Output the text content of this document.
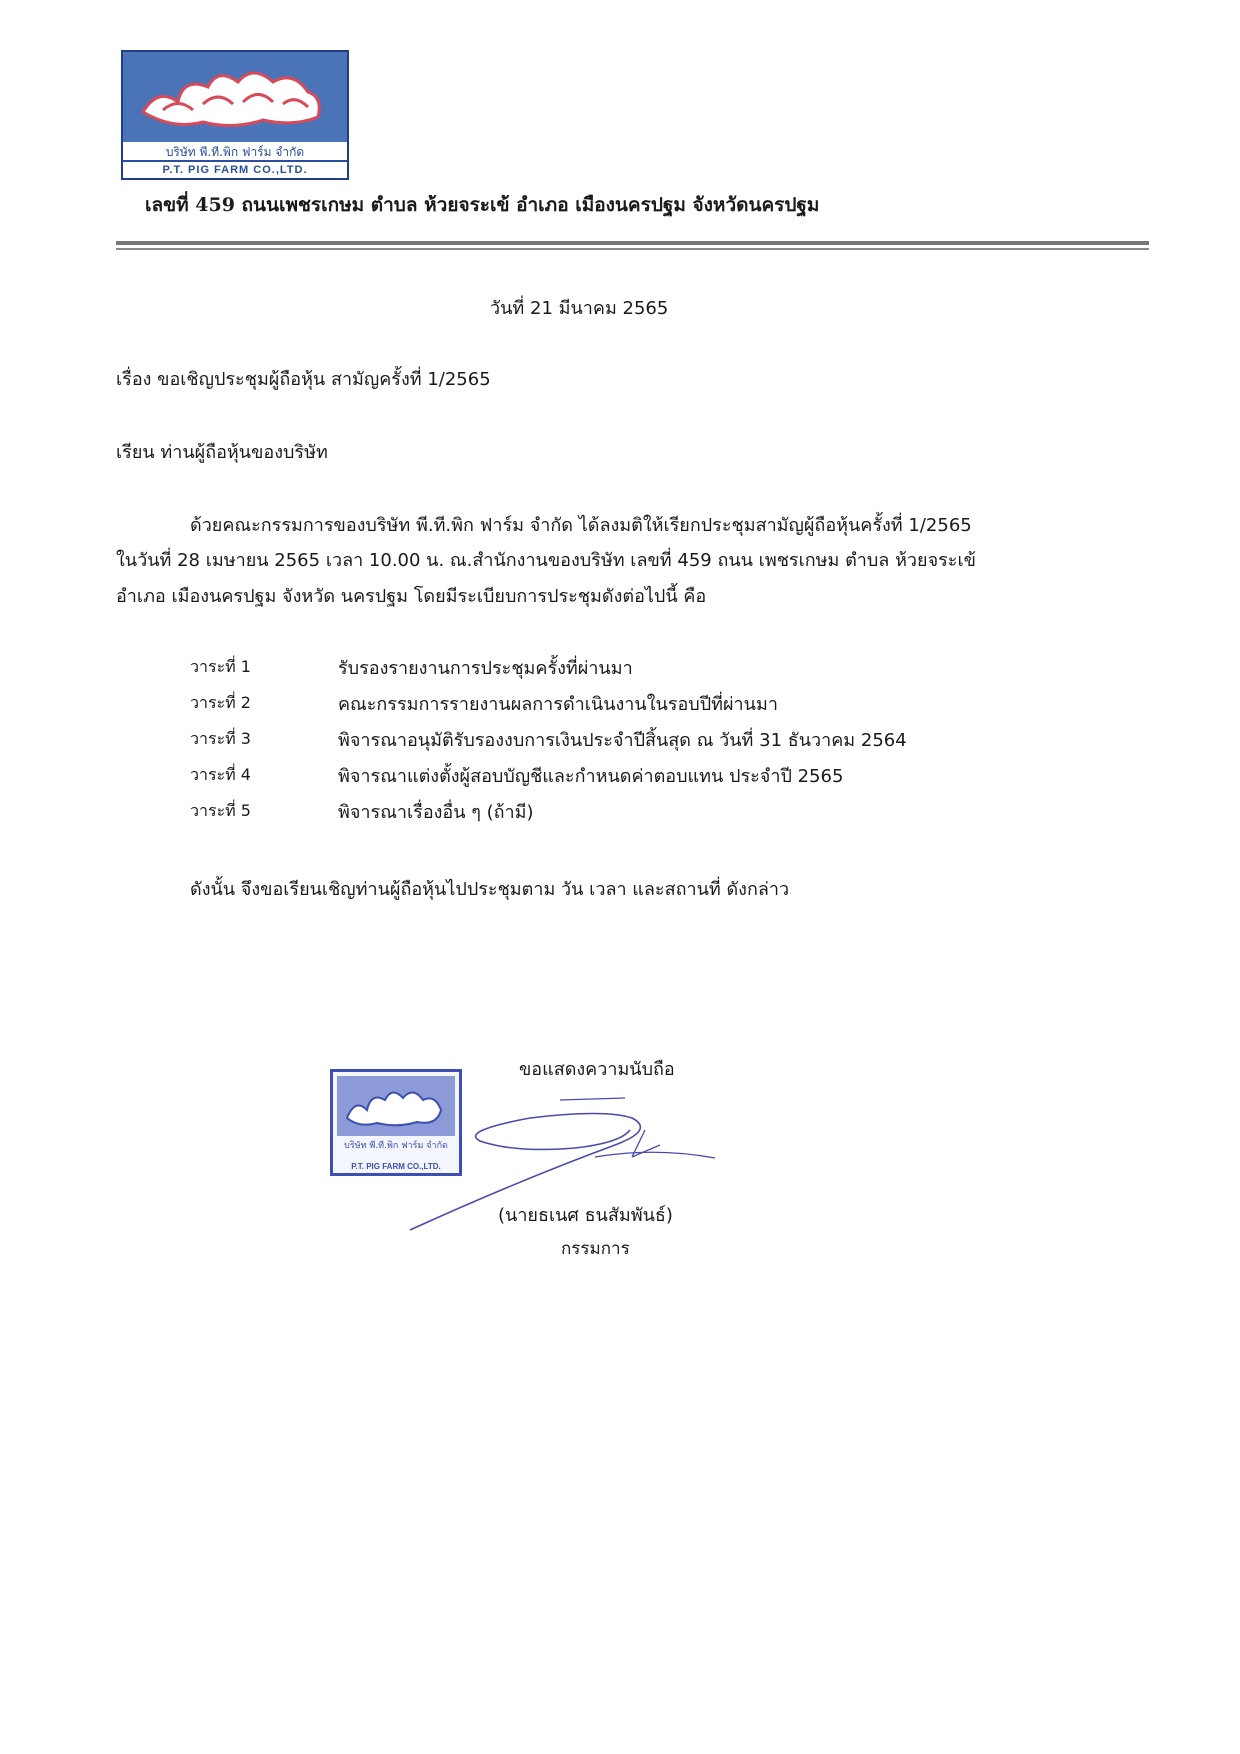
บริษัท พี.ที.พิก ฟาร์ม จำกัด
P.T. PIG FARM CO.,LTD.
เลขที่ 459 ถนนเพชรเกษม ตำบล ห้วยจระเข้ อำเภอ เมืองนครปฐม จังหวัดนครปฐม
วันที่ 21 มีนาคม 2565
เรื่อง ขอเชิญประชุมผู้ถือหุ้น สามัญครั้งที่ 1/2565
เรียน ท่านผู้ถือหุ้นของบริษัท
ด้วยคณะกรรมการของบริษัท พี.ที.พิก ฟาร์ม จำกัด ได้ลงมติให้เรียกประชุมสามัญผู้ถือหุ้นครั้งที่ 1/2565
ในวันที่ 28 เมษายน 2565 เวลา 10.00 น. ณ.สำนักงานของบริษัท เลขที่ 459 ถนน เพชรเกษม ตำบล ห้วยจระเข้
อำเภอ เมืองนครปฐม จังหวัด นครปฐม โดยมีระเบียบการประชุมดังต่อไปนี้ คือ
วาระที่ 1	รับรองรายงานการประชุมครั้งที่ผ่านมา
วาระที่ 2	คณะกรรมการรายงานผลการดำเนินงานในรอบปีที่ผ่านมา
วาระที่ 3	พิจารณาอนุมัติรับรองงบการเงินประจำปีสิ้นสุด ณ วันที่ 31 ธันวาคม 2564
วาระที่ 4	พิจารณาแต่งตั้งผู้สอบบัญชีและกำหนดค่าตอบแทน ประจำปี 2565
วาระที่ 5	พิจารณาเรื่องอื่น ๆ (ถ้ามี)
ดังนั้น จึงขอเรียนเชิญท่านผู้ถือหุ้นไปประชุมตาม วัน เวลา และสถานที่ ดังกล่าว
ขอแสดงความนับถือ
บริษัท พี.ที.พิก ฟาร์ม จำกัด
P.T. PIG FARM CO.,LTD.
(นายธเนศ ธนสัมพันธ์)
กรรมการ
